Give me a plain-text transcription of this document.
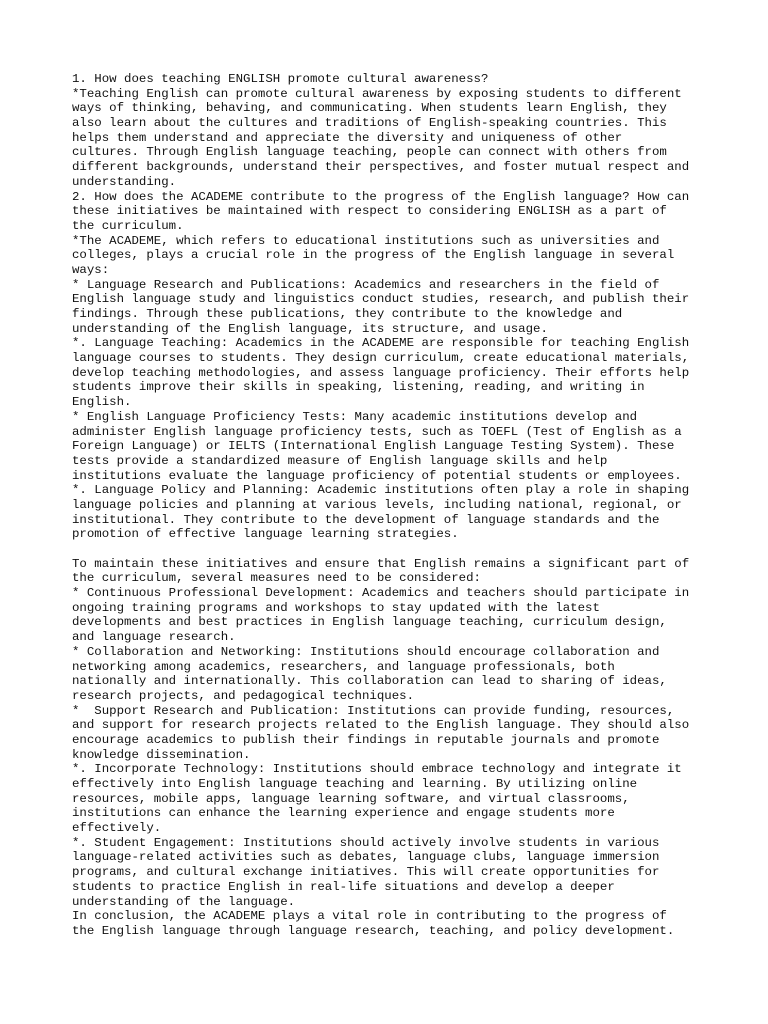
1. How does teaching ENGLISH promote cultural awareness?
*Teaching English can promote cultural awareness by exposing students to different
ways of thinking, behaving, and communicating. When students learn English, they
also learn about the cultures and traditions of English-speaking countries. This
helps them understand and appreciate the diversity and uniqueness of other
cultures. Through English language teaching, people can connect with others from
different backgrounds, understand their perspectives, and foster mutual respect and
understanding.
2. How does the ACADEME contribute to the progress of the English language? How can
these initiatives be maintained with respect to considering ENGLISH as a part of
the curriculum.
*The ACADEME, which refers to educational institutions such as universities and
colleges, plays a crucial role in the progress of the English language in several
ways:
* Language Research and Publications: Academics and researchers in the field of
English language study and linguistics conduct studies, research, and publish their
findings. Through these publications, they contribute to the knowledge and
understanding of the English language, its structure, and usage.
*. Language Teaching: Academics in the ACADEME are responsible for teaching English
language courses to students. They design curriculum, create educational materials,
develop teaching methodologies, and assess language proficiency. Their efforts help
students improve their skills in speaking, listening, reading, and writing in
English.
* English Language Proficiency Tests: Many academic institutions develop and
administer English language proficiency tests, such as TOEFL (Test of English as a
Foreign Language) or IELTS (International English Language Testing System). These
tests provide a standardized measure of English language skills and help
institutions evaluate the language proficiency of potential students or employees.
*. Language Policy and Planning: Academic institutions often play a role in shaping
language policies and planning at various levels, including national, regional, or
institutional. They contribute to the development of language standards and the
promotion of effective language learning strategies.
To maintain these initiatives and ensure that English remains a significant part of
the curriculum, several measures need to be considered:
* Continuous Professional Development: Academics and teachers should participate in
ongoing training programs and workshops to stay updated with the latest
developments and best practices in English language teaching, curriculum design,
and language research.
* Collaboration and Networking: Institutions should encourage collaboration and
networking among academics, researchers, and language professionals, both
nationally and internationally. This collaboration can lead to sharing of ideas,
research projects, and pedagogical techniques.
*  Support Research and Publication: Institutions can provide funding, resources,
and support for research projects related to the English language. They should also
encourage academics to publish their findings in reputable journals and promote
knowledge dissemination.
*. Incorporate Technology: Institutions should embrace technology and integrate it
effectively into English language teaching and learning. By utilizing online
resources, mobile apps, language learning software, and virtual classrooms,
institutions can enhance the learning experience and engage students more
effectively.
*. Student Engagement: Institutions should actively involve students in various
language-related activities such as debates, language clubs, language immersion
programs, and cultural exchange initiatives. This will create opportunities for
students to practice English in real-life situations and develop a deeper
understanding of the language.
In conclusion, the ACADEME plays a vital role in contributing to the progress of
the English language through language research, teaching, and policy development.
